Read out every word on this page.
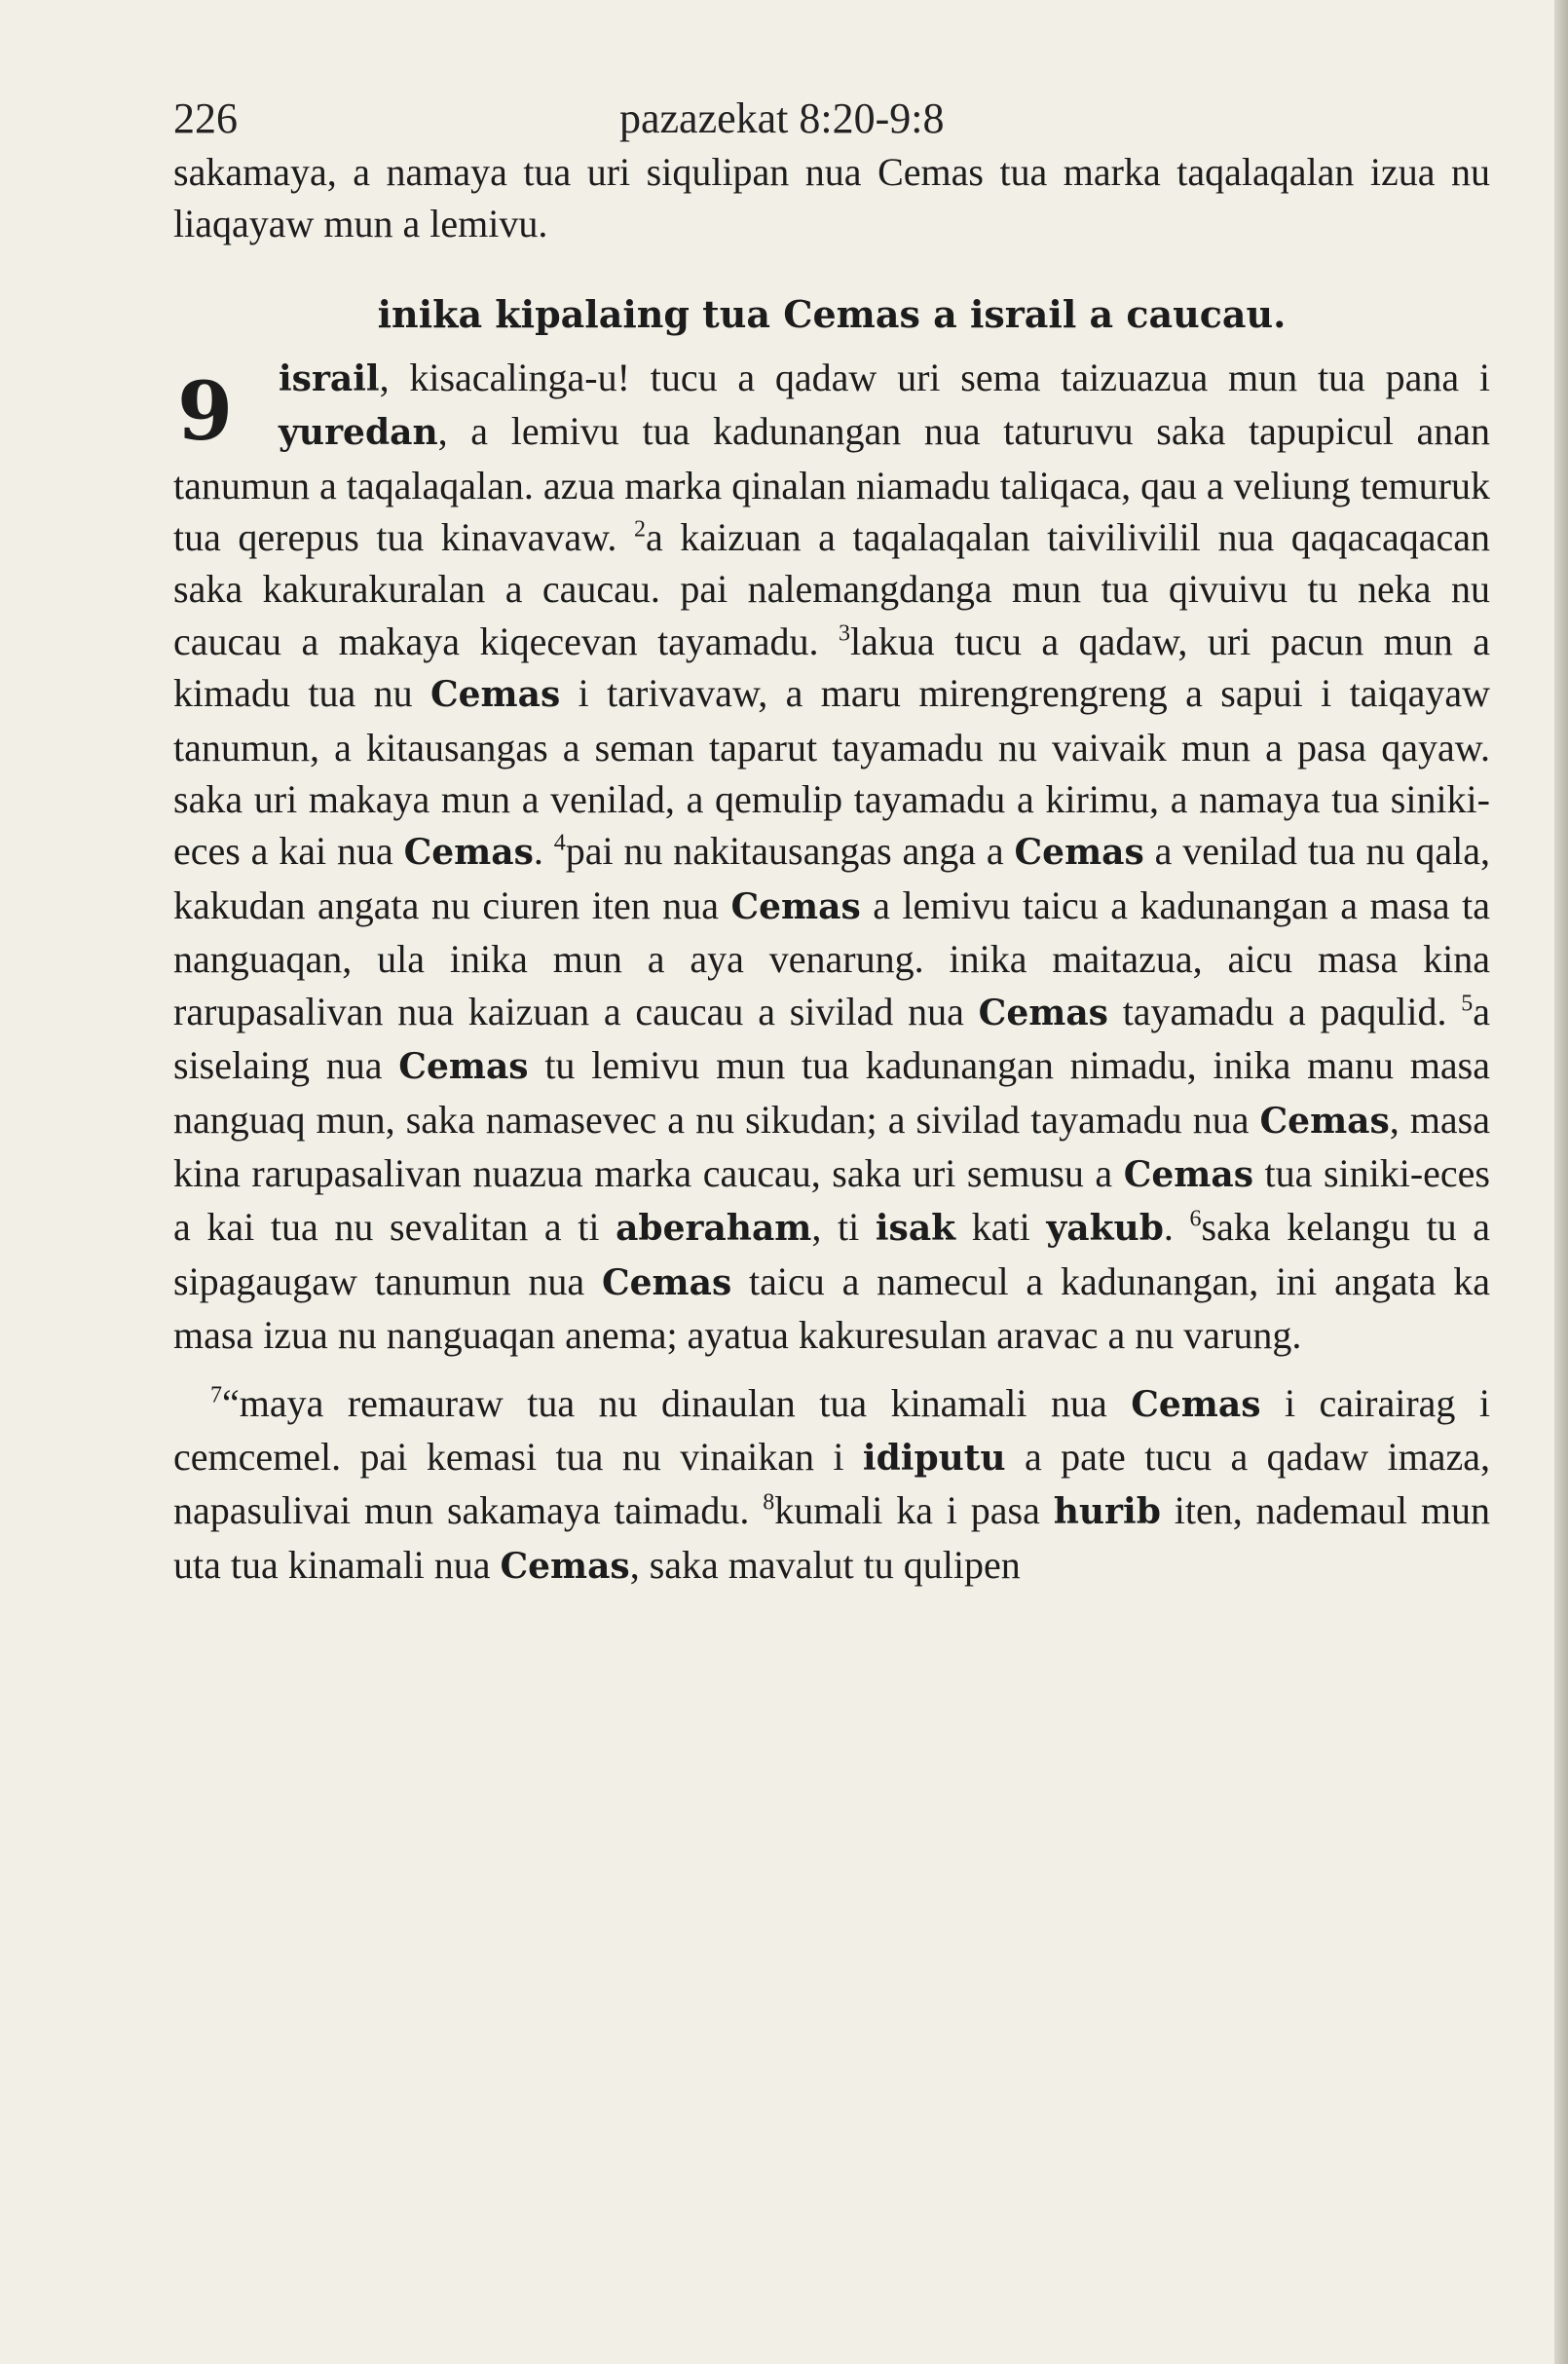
226	pazazekat 8:20-9:8

sakamaya, a namaya tua uri siqulipan nua Cemas tua marka taqalaqalan izua nu liaqayaw mun a lemivu.

inika kipalaing tua Cemas a israil a caucau.
9	israil, kisacalinga-u! tucu a qadaw uri sema taizuazua mun tua pana i yuredan, a lemivu tua kadunangan nua taturuvu saka tapupicul anan tanumun a taqalaqalan. azua marka qinalan niamadu taliqaca, qau a veliung temuruk tua qerepus tua kinavavaw. $^2$a kaizuan a taqalaqalan taivilivilil nua qaqacaqacan saka kakurakuralan a caucau. pai nalemangdanga mun tua qivuivu tu neka nu caucau a makaya kiqecevan tayamadu. $^3$lakua tucu a qadaw, uri pacun mun a kimadu tua nu Cemas i tarivavaw, a maru mirengrengreng a sapui i taiqayaw tanumun, a kitausangas a seman taparut tayamadu nu vaivaik mun a pasa qayaw. saka uri makaya mun a venilad, a qemulip tayamadu a kirimu, a namaya tua siniki-eces a kai nua Cemas. $^4$pai nu nakitausangas anga a Cemas a venilad tua nu qala, kakudan angata nu ciuren iten nua Cemas a lemivu taicu a kadunangan a masa ta nanguaqan, ula inika mun a aya venarung. inika maitazua, aicu masa kina rarupasalivan nua kaizuan a caucau a sivilad nua Cemas tayamadu a paqulid. $^5$a siselaing nua Cemas tu lemivu mun tua kadunangan nimadu, inika manu masa nanguaq mun, saka namasevec a nu sikudan; a sivilad tayamadu nua Cemas, masa kina rarupasalivan nuazua marka caucau, saka uri semusu a Cemas tua siniki-eces a kai tua nu sevalitan a ti aberaham, ti isak kati yakub. $^6$saka kelangu tu a sipagaugaw tanumun nua Cemas taicu a namecul a kadunangan, ini angata ka masa izua nu nanguaqan anema; ayatua kakuresulan aravac a nu varung.

$^7$“maya remauraw tua nu dinaulan tua kinamali nua Cemas i cairairag i cemcemel. pai kemasi tua nu vinaikan i idiputu a pate tucu a qadaw imaza, napasulivai mun sakamaya taimadu. $^8$kumali ka i pasa hurib iten, nademaul mun uta tua kinamali nua Cemas, saka mavalut tu qulipen
